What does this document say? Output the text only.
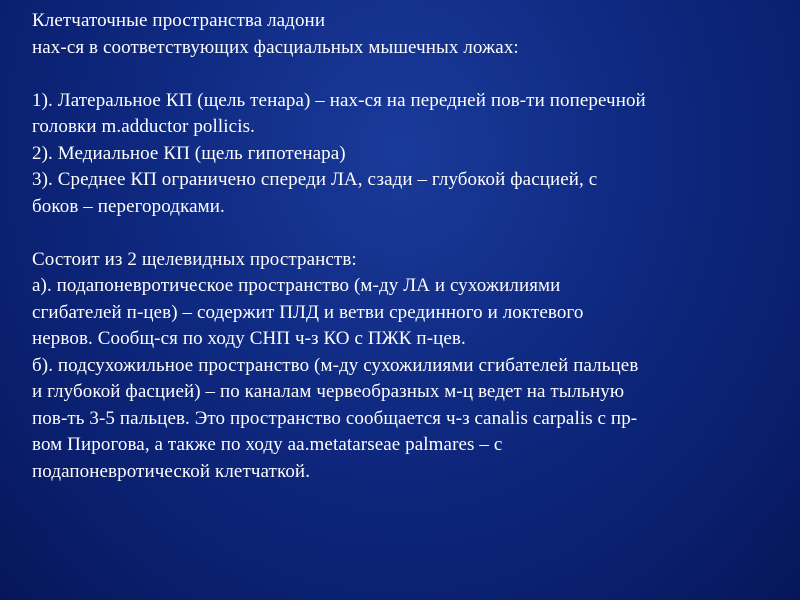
Клетчаточные пространства ладони
нах-ся в соответствующих фасциальных мышечных ложах:
1). Латеральное КП (щель тенара) – нах-ся на передней пов-ти поперечной
головки m.adductor pollicis.
2). Медиальное КП (щель гипотенара)
3). Среднее КП ограничено спереди ЛА, сзади – глубокой фасцией, с
боков – перегородками.
Состоит из 2 щелевидных пространств:
а). подапоневротическое пространство (м-ду ЛА и сухожилиями
сгибателей п-цев) – содержит ПЛД и ветви срединного и локтевого
нервов. Сообщ-ся по ходу СНП ч-з КО с ПЖК п-цев.
б). подсухожильное пространство (м-ду сухожилиями сгибателей пальцев
и глубокой фасцией) – по каналам червеобразных м-ц ведет на тыльную
пов-ть 3-5 пальцев. Это пространство сообщается ч-з canalis carpalis с пр-
вом Пирогова, а также по ходу aa.metatarseae palmares – с
подапоневротической клетчаткой.
